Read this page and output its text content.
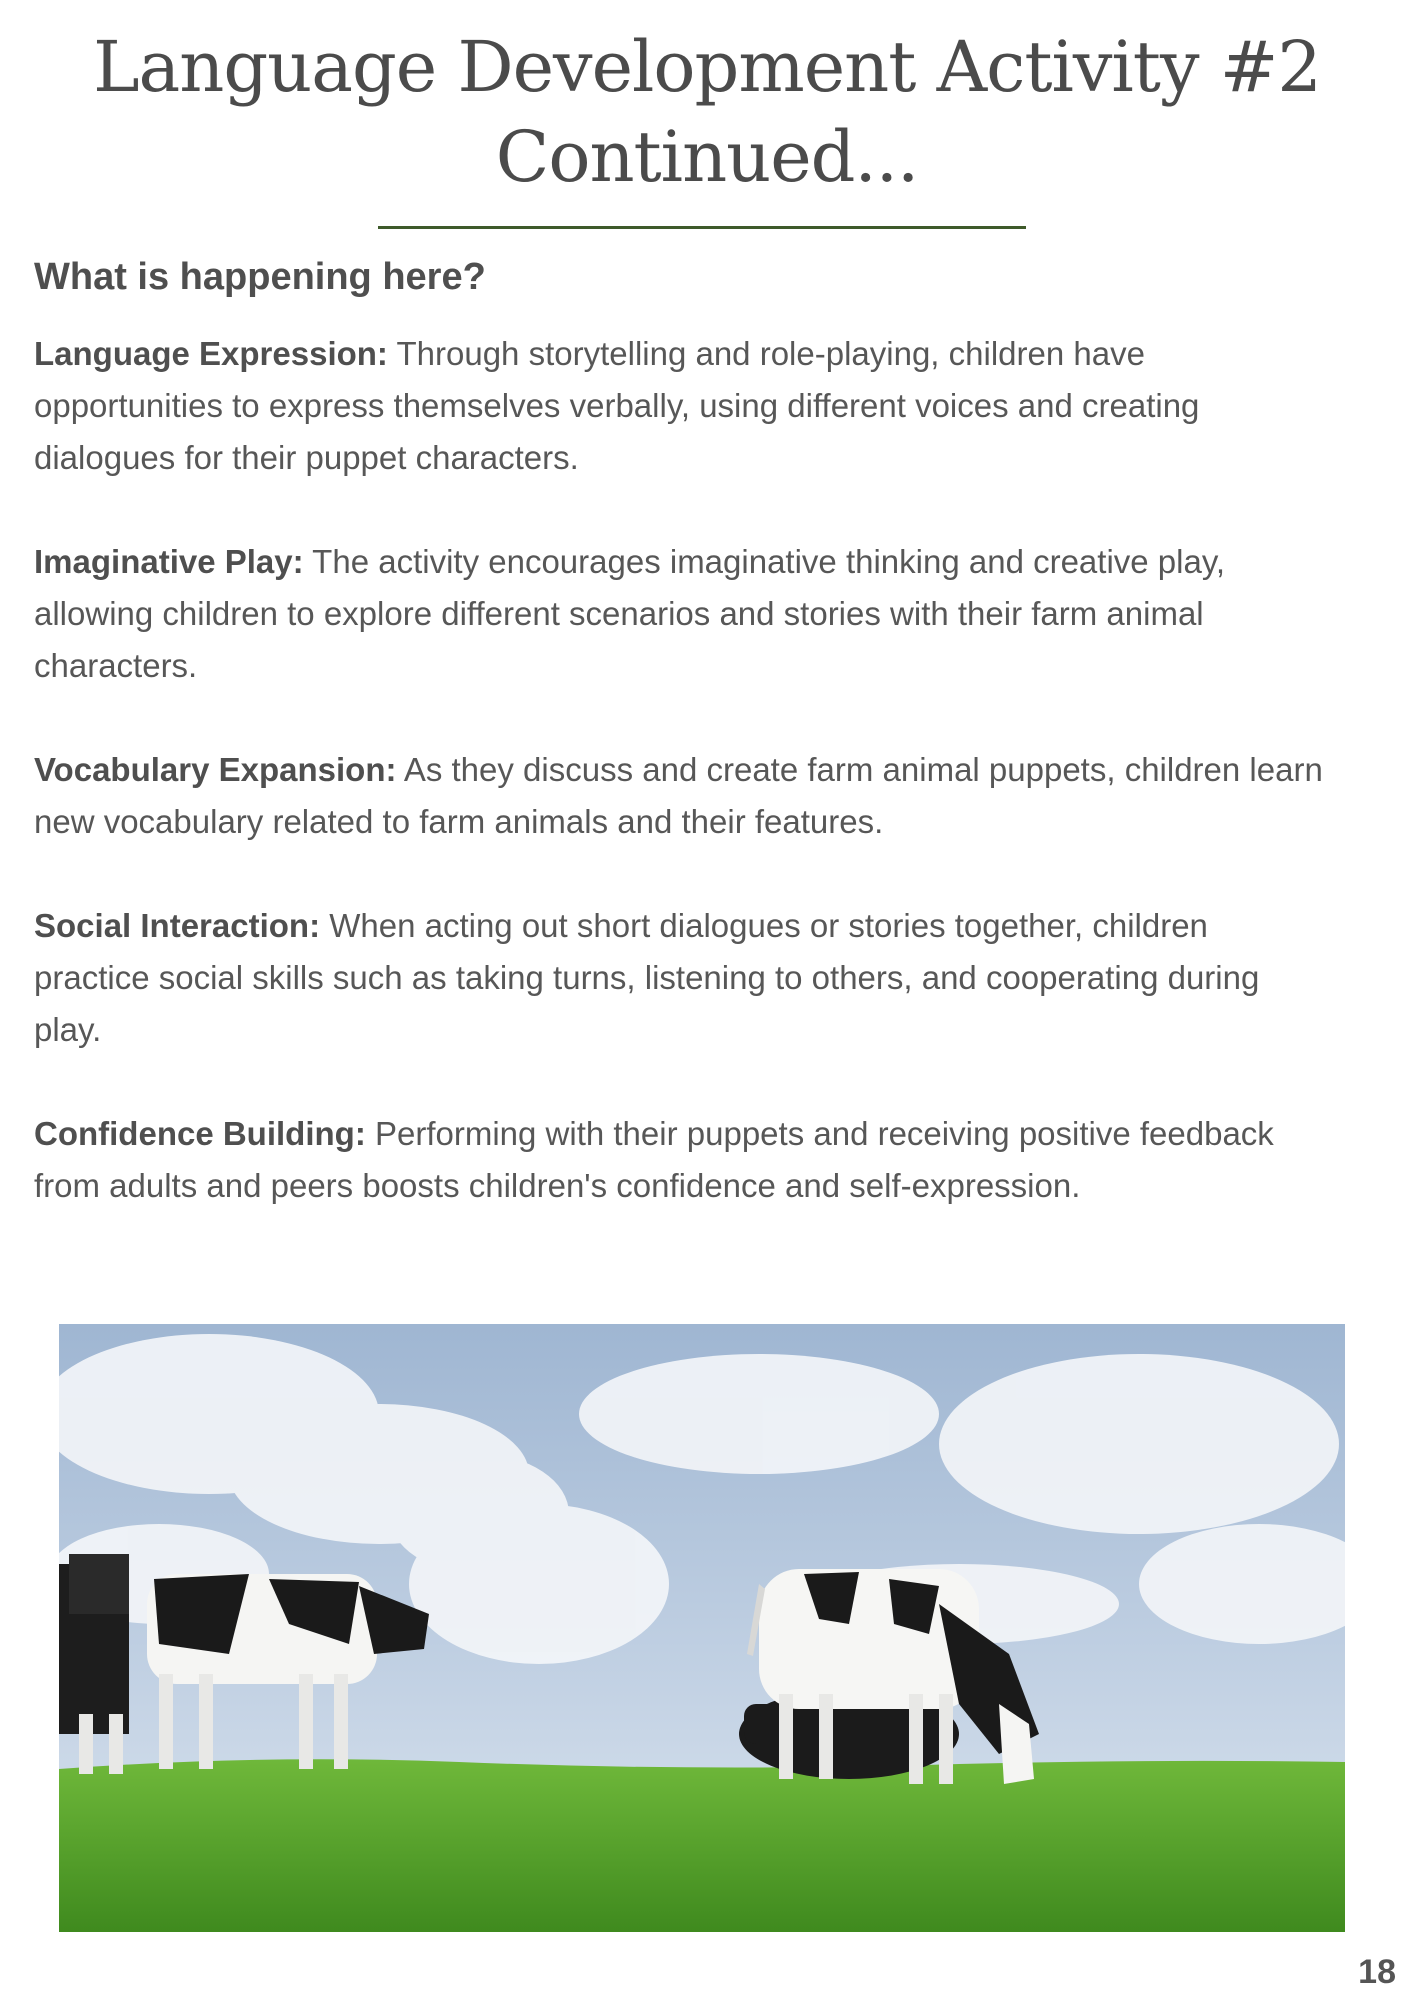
Language Development Activity #2
Continued...
What is happening here?

Language Expression: Through storytelling and role-playing, children have opportunities to express themselves verbally, using different voices and creating dialogues for their puppet characters.

Imaginative Play: The activity encourages imaginative thinking and creative play, allowing children to explore different scenarios and stories with their farm animal characters.

Vocabulary Expansion: As they discuss and create farm animal puppets, children learn new vocabulary related to farm animals and their features.

Social Interaction: When acting out short dialogues or stories together, children practice social skills such as taking turns, listening to others, and cooperating during play.

Confidence Building: Performing with their puppets and receiving positive feedback from adults and peers boosts children's confidence and self-expression.

18
